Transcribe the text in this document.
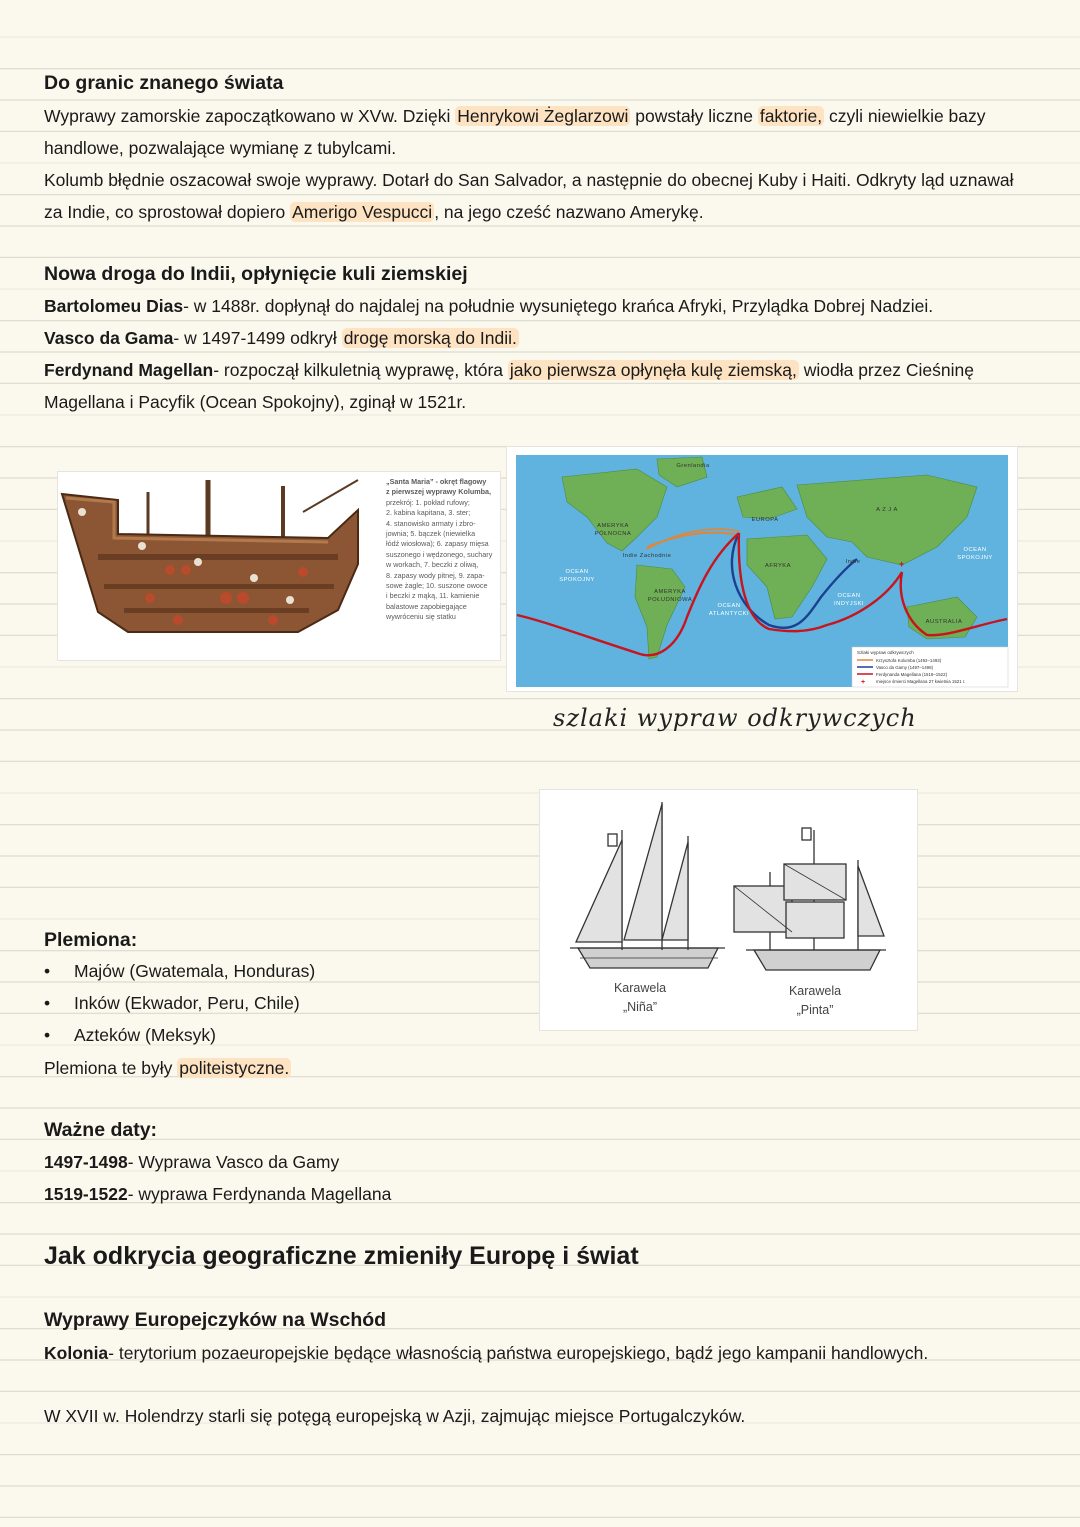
Do granic znanego świata
Wyprawy zamorskie zapoczątkowano w XVw. Dzięki Henrykowi Żeglarzowi powstały liczne faktorie, czyli niewielkie bazy
handlowe, pozwalające wymianę z tubylcami.
Kolumb błędnie oszacował swoje wyprawy. Dotarł do San Salvador, a następnie do obecnej Kuby i Haiti. Odkryty ląd uznawał
za Indie, co sprostował dopiero Amerigo Vespucci , na jego cześć nazwano Amerykę.
Nowa droga do Indii, opłynięcie kuli ziemskiej
Bartolomeu Dias- w 1488r. dopłynął do najdalej na południe wysuniętego krańca Afryki, Przylądka Dobrej Nadziei.
Vasco da Gama- w 1497-1499 odkrył drogę morską do Indii.
Ferdynand Magellan- rozpoczął kilkuletnią wyprawę, która jako pierwsza opłynęła kulę ziemską, wiodła przez Cieśninę
Magellana i Pacyfik (Ocean Spokojny), zginął w 1521r.
„Santa Maria” - okręt flagowy
z pierwszej wyprawy Kolumba,
przekrój: 1. pokład rufowy;
2. kabina kapitana, 3. ster;
4. stanowisko armaty i zbro-
jownia; 5. bączek (niewielka
łódź wiosłowa); 6. zapasy mięsa
suszonego i wędzonego, suchary
w workach, 7. beczki z oliwą,
8. zapasy wody pitnej, 9. zapa-
sowe żagle; 10. suszone owoce
i beczki z mąką, 11. kamienie
balastowe zapobiegające
wywróceniu się statku
+
Grenlandia
A Z J A
EUROPA
AMERYKA
PÓŁNOCNA
AMERYKA
POŁUDNIOWA
AFRYKA
AUSTRALIA
OCEAN
SPOKOJNY
OCEAN
SPOKOJNY
OCEAN
ATLANTYCKI
OCEAN
INDYJSKI
Indie
Indie Zachodnie
Szlaki wypraw odkrywczych
Krzysztofa Kolumba (1492–1493)
Vasco da Gamy (1497–1498)
Ferdynanda Magellana (1519–1522)
+ miejsce śmierci Magellana 27 kwietnia 1521 r.
szlaki wypraw odkrywczych
Karawela
„Niña”
Karawela
„Pinta”
Plemiona:
Majów (Gwatemala, Honduras)
Inków (Ekwador, Peru, Chile)
Azteków (Meksyk)
Plemiona te były politeistyczne.
Ważne daty:
1497-1498- Wyprawa Vasco da Gamy
1519-1522- wyprawa Ferdynanda Magellana
Jak odkrycia geograficzne zmieniły Europę i świat
Wyprawy Europejczyków na Wschód
Kolonia- terytorium pozaeuropejskie będące własnością państwa europejskiego, bądź jego kampanii handlowych.
W XVII w. Holendrzy starli się potęgą europejską w Azji, zajmując miejsce Portugalczyków.
